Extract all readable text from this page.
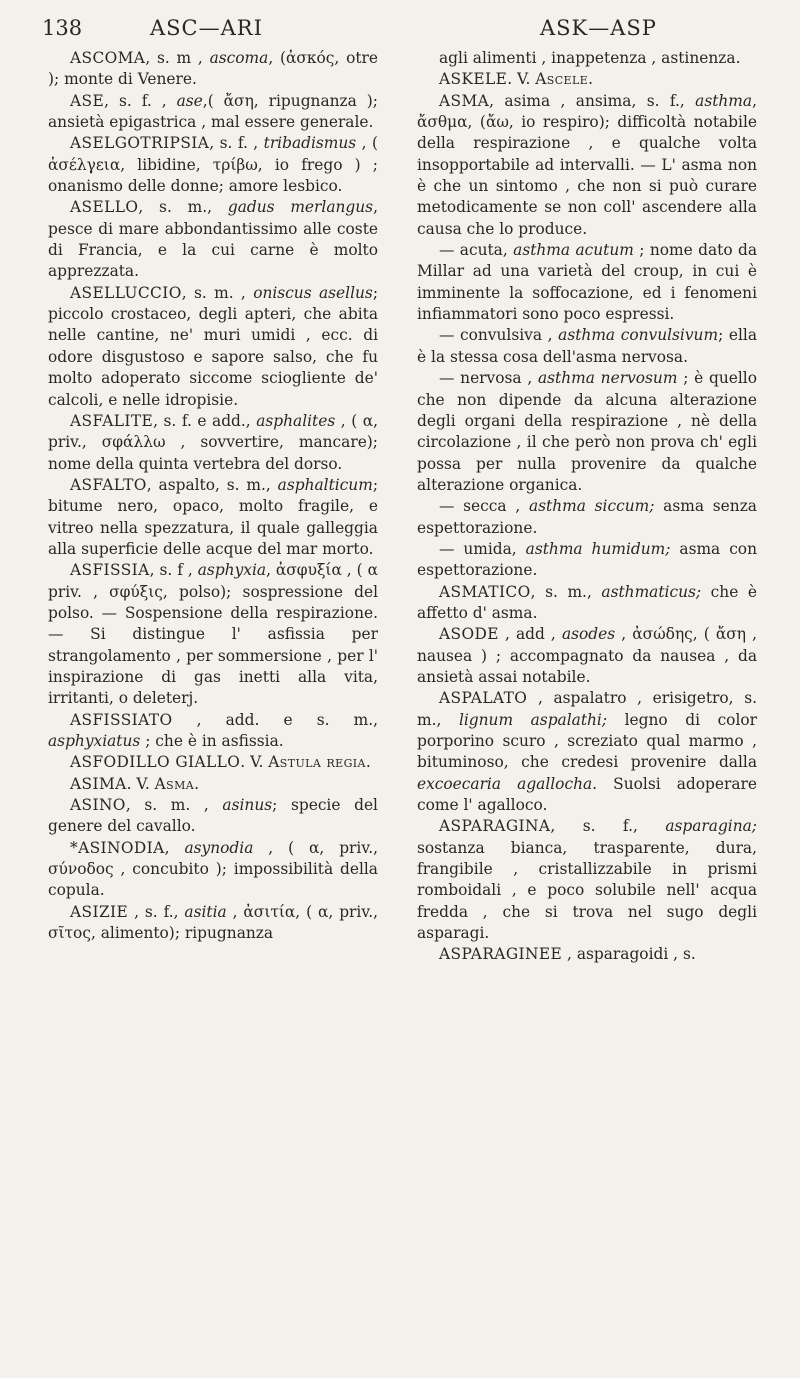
138	ASC—ARI	ASK—ASP

ASCOMA, s. m , ascoma, (ἀσκός, otre ); monte di Venere.

ASE, s. f. , ase,( ἄση, ripugnanza ); ansietà epigastrica , mal essere generale.

ASELGOTRIPSIA, s. f. , tribadismus , ( ἀσέλγεια, libidine, τρίβω, io frego ) ; onanismo delle donne; amore lesbico.

ASELLO, s. m., gadus merlangus, pesce di mare abbondantissimo alle coste di Francia, e la cui carne è molto apprezzata.

ASELLUCCIO, s. m. , oniscus asellus; piccolo crostaceo, degli apteri, che abita nelle cantine, ne' muri umidi , ecc. di odore disgustoso e sapore salso, che fu molto adoperato siccome sciogliente de' calcoli, e nelle idropisie.

ASFALITE, s. f. e add., asphalites , ( α, priv., σφάλλω , sovvertire, mancare); nome della quinta vertebra del dorso.

ASFALTO, aspalto, s. m., asphalticum; bitume nero, opaco, molto fragile, e vitreo nella spezzatura, il quale galleggia alla superficie delle acque del mar morto.

ASFISSIA, s. f , asphyxia, ἀσφυξία , ( α priv. , σφύξις, polso); sospressione del polso. — Sospensione della respirazione. — Si distingue l' asfissia per strangolamento , per sommersione , per l' inspirazione di gas inetti alla vita, irritanti, o deleterj.

ASFISSIATO , add. e s. m., asphyxiatus ; che è in asfissia.

ASFODILLO GIALLO. V. Astula regia.

ASIMA. V. Asma.

ASINO, s. m. , asinus; specie del genere del cavallo.

*ASINODIA, asynodia , ( α, priv., σύνοδος , concubito ); impossibilità della copula.

ASIZIE , s. f., asitia , ἀσιτία, ( α, priv., σῖτος, alimento); ripugnanza

agli alimenti , inappetenza , astinenza.

ASKELE. V. Ascele.

ASMA, asima , ansima, s. f., asthma, ἄσθμα, (ἄω, io respiro); difficoltà notabile della respirazione , e qualche volta insopportabile ad intervalli. — L' asma non è che un sintomo , che non si può curare metodicamente se non coll' ascendere alla causa che lo produce.

— acuta, asthma acutum ; nome dato da Millar ad una varietà del croup, in cui è imminente la soffocazione, ed i fenomeni infiammatori sono poco espressi.

— convulsiva , asthma convulsivum; ella è la stessa cosa dell'asma nervosa.

— nervosa , asthma nervosum ; è quello che non dipende da alcuna alterazione degli organi della respirazione , nè della circolazione , il che però non prova ch' egli possa per nulla provenire da qualche alterazione organica.

— secca , asthma siccum; asma senza espettorazione.

— umida, asthma humidum; asma con espettorazione.

ASMATICO, s. m., asthmaticus; che è affetto d' asma.

ASODE , add , asodes , ἀσώδης, ( ἄση , nausea ) ; accompagnato da nausea , da ansietà assai notabile.

ASPALATO , aspalatro , erisigetro, s. m., lignum aspalathi; legno di color porporino scuro , screziato qual marmo , bituminoso, che credesi provenire dalla excoecaria agallocha. Suolsi adoperare come l' agalloco.

ASPARAGINA, s. f., asparagina; sostanza bianca, trasparente, dura, frangibile , cristallizzabile in prismi romboidali , e poco solubile nell' acqua fredda , che si trova nel sugo degli asparagi.

ASPARAGINEE , asparagoidi , s.
